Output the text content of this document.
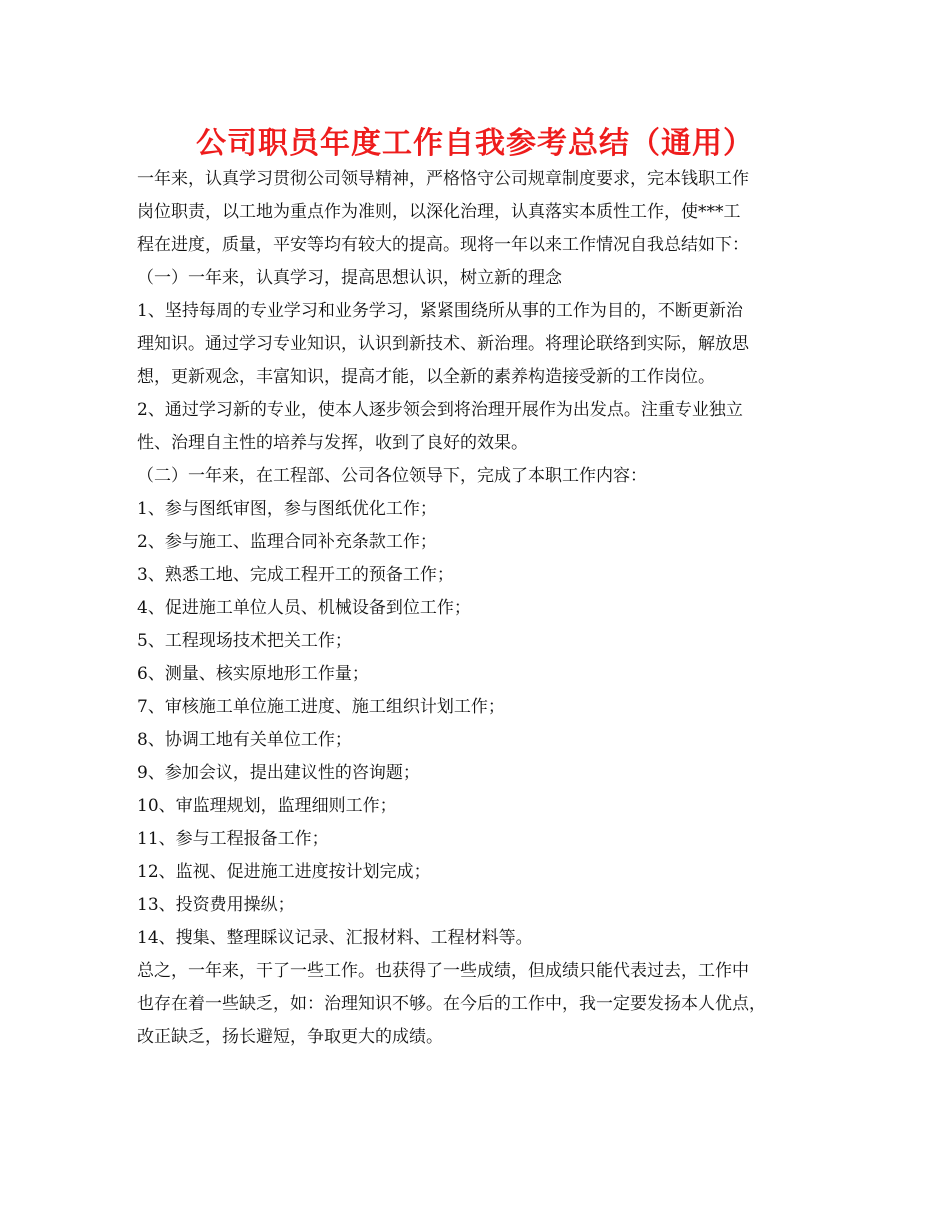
公司职员年度工作自我参考总结（通用）
一年来，认真学习贯彻公司领导精神，严格恪守公司规章制度要求，完本钱职工作
岗位职责，以工地为重点作为准则，以深化治理，认真落实本质性工作，使***工
程在进度，质量，平安等均有较大的提高。现将一年以来工作情况自我总结如下：
（一）一年来，认真学习，提高思想认识，树立新的理念
1、坚持每周的专业学习和业务学习，紧紧围绕所从事的工作为目的，不断更新治
理知识。通过学习专业知识，认识到新技术、新治理。将理论联络到实际，解放思
想，更新观念，丰富知识，提高才能，以全新的素养构造接受新的工作岗位。
2、通过学习新的专业，使本人逐步领会到将治理开展作为出发点。注重专业独立
性、治理自主性的培养与发挥，收到了良好的效果。
（二）一年来，在工程部、公司各位领导下，完成了本职工作内容：
1、参与图纸审图，参与图纸优化工作；
2、参与施工、监理合同补充条款工作；
3、熟悉工地、完成工程开工的预备工作；
4、促进施工单位人员、机械设备到位工作；
5、工程现场技术把关工作；
6、测量、核实原地形工作量；
7、审核施工单位施工进度、施工组织计划工作；
8、协调工地有关单位工作；
9、参加会议，提出建议性的咨询题；
10、审监理规划，监理细则工作；
11、参与工程报备工作；
12、监视、促进施工进度按计划完成；
13、投资费用操纵；
14、搜集、整理睬议记录、汇报材料、工程材料等。
总之，一年来，干了一些工作。也获得了一些成绩，但成绩只能代表过去，工作中
也存在着一些缺乏，如：治理知识不够。在今后的工作中，我一定要发扬本人优点，
改正缺乏，扬长避短，争取更大的成绩。
